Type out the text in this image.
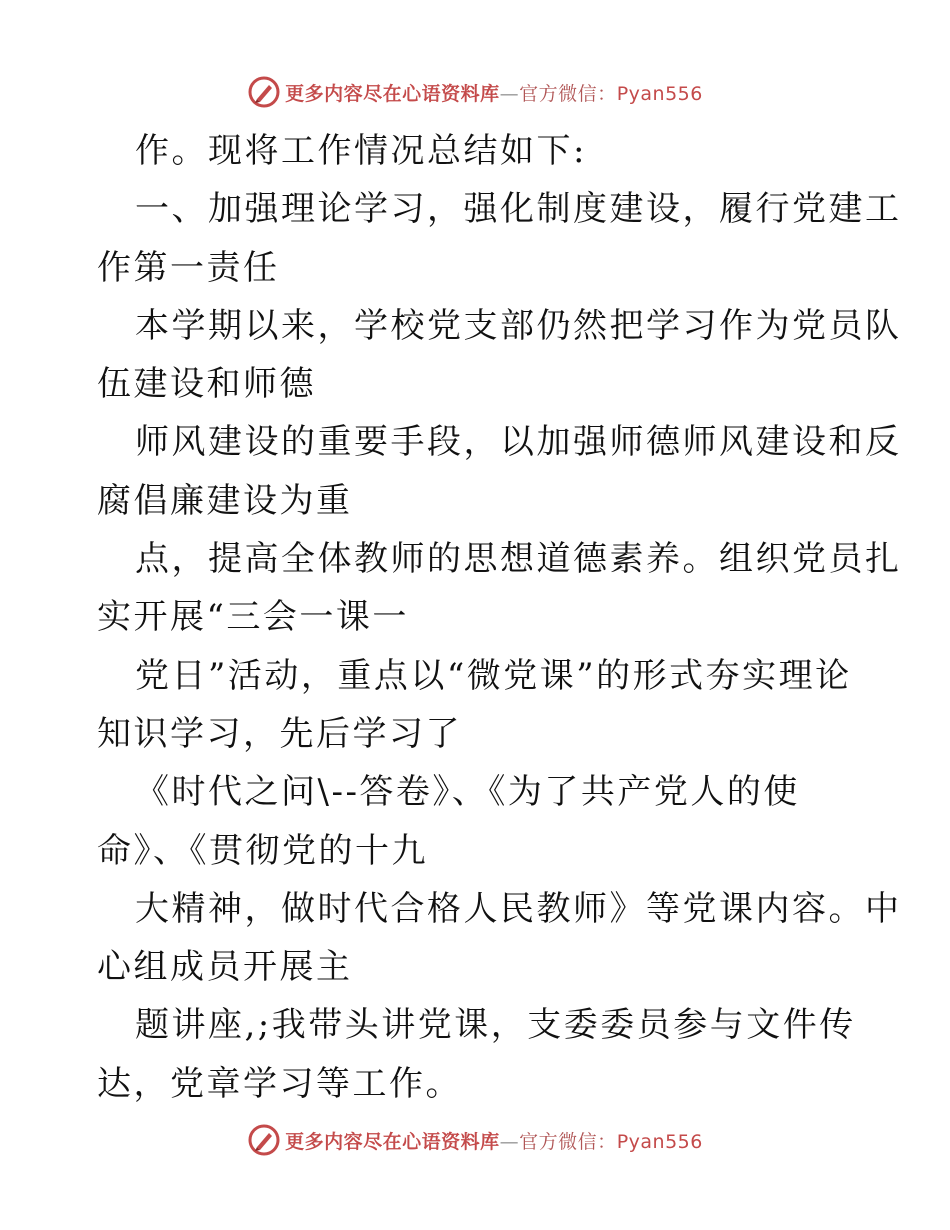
更多内容尽在心语资料库—官方微信：Pyan556
作。现将工作情况总结如下:
一、加强理论学习，强化制度建设，履行党建工
作第一责任
本学期以来，学校党支部仍然把学习作为党员队
伍建设和师德
师风建设的重要手段，以加强师德师风建设和反
腐倡廉建设为重
点，提高全体教师的思想道德素养。组织党员扎
实开展“三会一课一
党日”活动，重点以“微党课”的形式夯实理论
知识学习，先后学习了
《时代之问\--答卷》、《为了共产党人的使
命》、《贯彻党的十九
大精神，做时代合格人民教师》等党课内容。中
心组成员开展主
题讲座,;我带头讲党课，支委委员参与文件传
达，党章学习等工作。
更多内容尽在心语资料库—官方微信：Pyan556
